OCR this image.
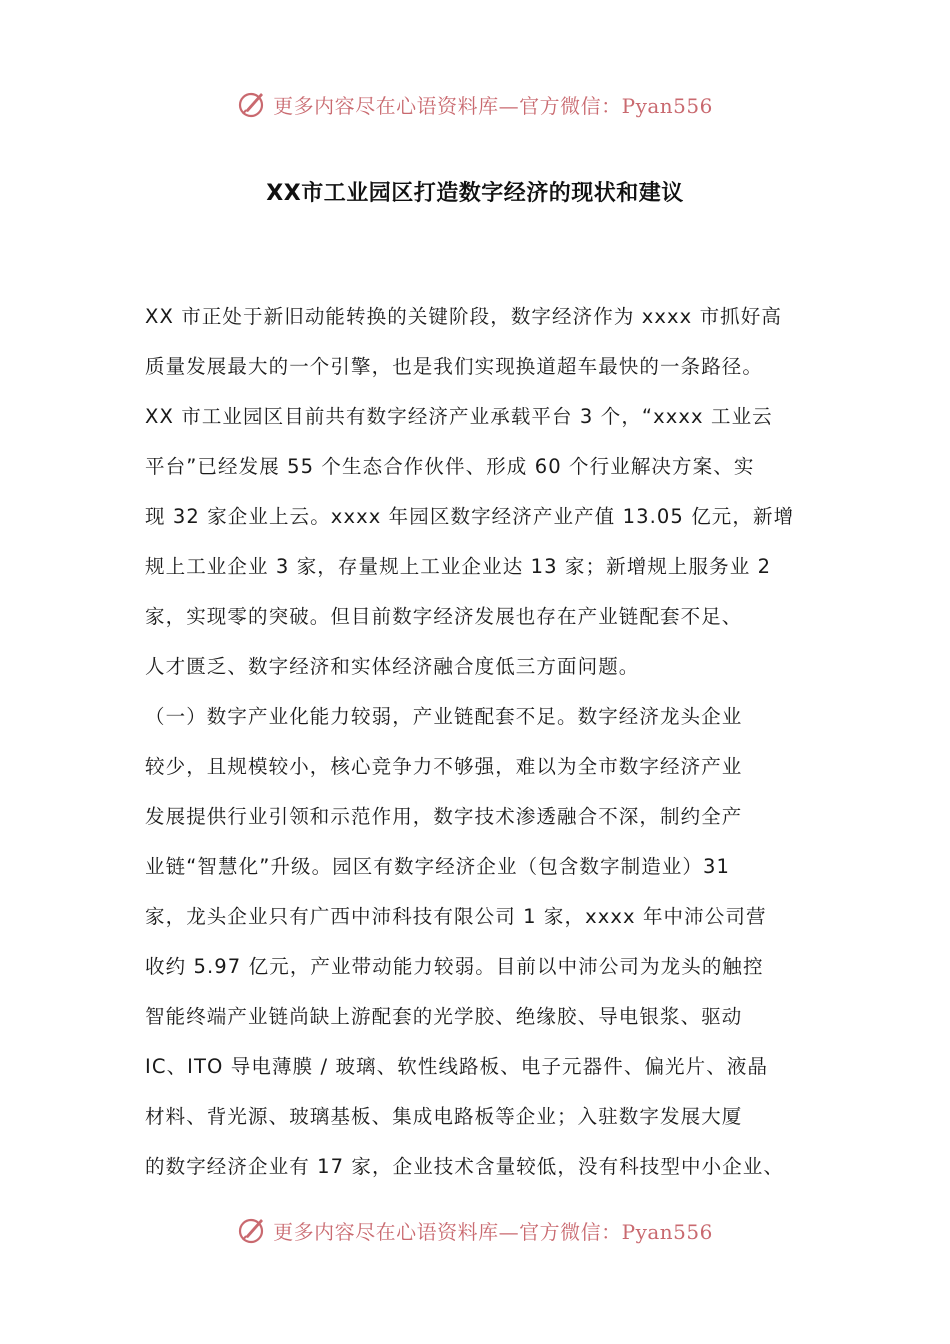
更多内容尽在心语资料库—官方微信：Pyan556
XX市工业园区打造数字经济的现状和建议
XX 市正处于新旧动能转换的关键阶段，数字经济作为 xxxx 市抓好高
质量发展最大的一个引擎，也是我们实现换道超车最快的一条路径。
XX 市工业园区目前共有数字经济产业承载平台 3 个，“xxxx 工业云
平台”已经发展 55 个生态合作伙伴、形成 60 个行业解决方案、实
现 32 家企业上云。xxxx 年园区数字经济产业产值 13.05 亿元，新增
规上工业企业 3 家，存量规上工业企业达 13 家；新增规上服务业 2
家，实现零的突破。但目前数字经济发展也存在产业链配套不足、
人才匮乏、数字经济和实体经济融合度低三方面问题。
（一）数字产业化能力较弱，产业链配套不足。数字经济龙头企业
较少，且规模较小，核心竞争力不够强，难以为全市数字经济产业
发展提供行业引领和示范作用，数字技术渗透融合不深，制约全产
业链“智慧化”升级。园区有数字经济企业（包含数字制造业）31
家，龙头企业只有广西中沛科技有限公司 1 家，xxxx 年中沛公司营
收约 5.97 亿元，产业带动能力较弱。目前以中沛公司为龙头的触控
智能终端产业链尚缺上游配套的光学胶、绝缘胶、导电银浆、驱动
IC、ITO 导电薄膜 / 玻璃、软性线路板、电子元器件、偏光片、液晶
材料、背光源、玻璃基板、集成电路板等企业；入驻数字发展大厦
的数字经济企业有 17 家，企业技术含量较低，没有科技型中小企业、
更多内容尽在心语资料库—官方微信：Pyan556
